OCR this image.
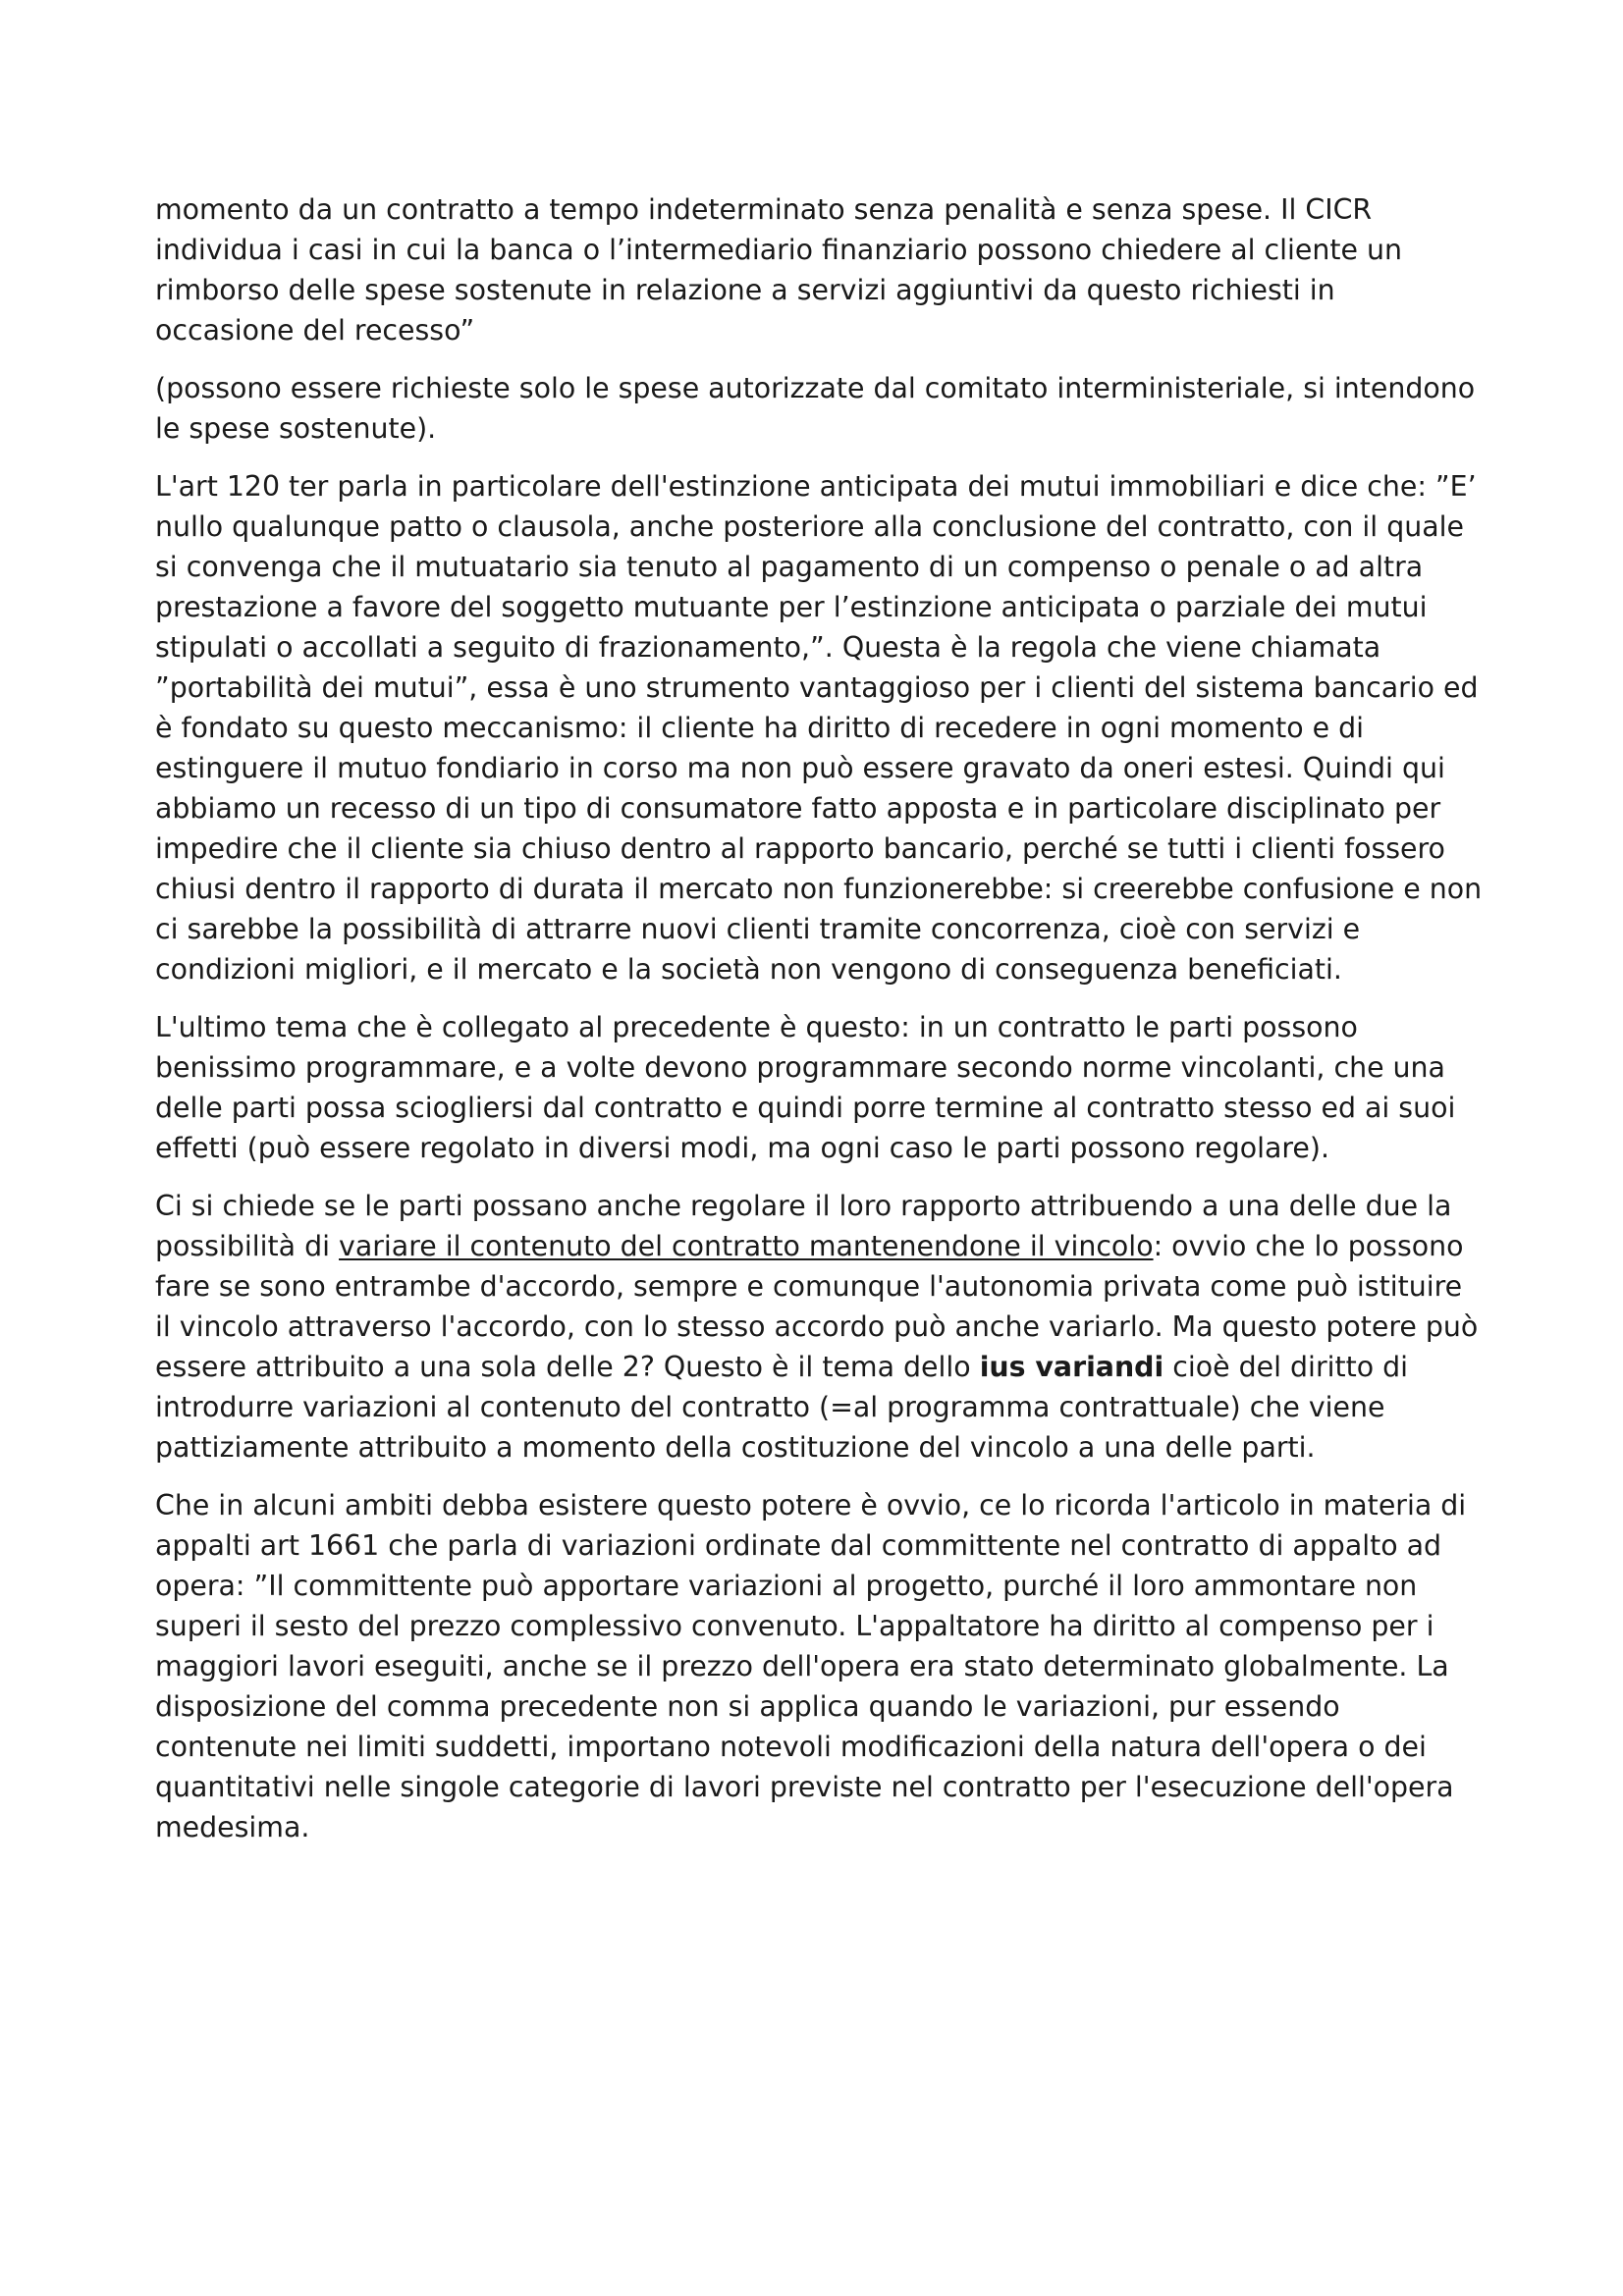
momento da un contratto a tempo indeterminato senza penalità e senza spese. Il CICR individua i casi in cui la banca o l’intermediario finanziario possono chiedere al cliente un rimborso delle spese sostenute in relazione a servizi aggiuntivi da questo richiesti in occasione del recesso”

(possono essere richieste solo le spese autorizzate dal comitato interministeriale, si intendono le spese sostenute).

L'art 120 ter parla in particolare dell'estinzione anticipata dei mutui immobiliari e dice che: ”E’ nullo qualunque patto o clausola, anche posteriore alla conclusione del contratto, con il quale si convenga che il mutuatario sia tenuto al pagamento di un compenso o penale o ad altra prestazione a favore del soggetto mutuante per l’estinzione anticipata o parziale dei mutui stipulati o accollati a seguito di frazionamento,”. Questa è la regola che viene chiamata ”portabilità dei mutui”, essa è uno strumento vantaggioso per i clienti del sistema bancario ed è fondato su questo meccanismo: il cliente ha diritto di recedere in ogni momento e di estinguere il mutuo fondiario in corso ma non può essere gravato da oneri estesi. Quindi qui abbiamo un recesso di un tipo di consumatore fatto apposta e in particolare disciplinato per impedire che il cliente sia chiuso dentro al rapporto bancario, perché se tutti i clienti fossero chiusi dentro il rapporto di durata il mercato non funzionerebbe: si creerebbe confusione e non ci sarebbe la possibilità di attrarre nuovi clienti tramite concorrenza, cioè con servizi e condizioni migliori, e il mercato e la società non vengono di conseguenza beneficiati.

L'ultimo tema che è collegato al precedente è questo: in un contratto le parti possono benissimo programmare, e a volte devono programmare secondo norme vincolanti, che una delle parti possa sciogliersi dal contratto e quindi porre termine al contratto stesso ed ai suoi effetti (può essere regolato in diversi modi, ma ogni caso le parti possono regolare).

Ci si chiede se le parti possano anche regolare il loro rapporto attribuendo a una delle due la possibilità di variare il contenuto del contratto mantenendone il vincolo: ovvio che lo possono fare se sono entrambe d'accordo, sempre e comunque l'autonomia privata come può istituire il vincolo attraverso l'accordo, con lo stesso accordo può anche variarlo. Ma questo potere può essere attribuito a una sola delle 2? Questo è il tema dello ius variandi cioè del diritto di introdurre variazioni al contenuto del contratto (=al programma contrattuale) che viene pattiziamente attribuito a momento della costituzione del vincolo a una delle parti.

Che in alcuni ambiti debba esistere questo potere è ovvio, ce lo ricorda l'articolo in materia di appalti art 1661 che parla di variazioni ordinate dal committente nel contratto di appalto ad opera: ”Il committente può apportare variazioni al progetto, purché il loro ammontare non superi il sesto del prezzo complessivo convenuto. L'appaltatore ha diritto al compenso per i maggiori lavori eseguiti, anche se il prezzo dell'opera era stato determinato globalmente. La disposizione del comma precedente non si applica quando le variazioni, pur essendo contenute nei limiti suddetti, importano notevoli modificazioni della natura dell'opera o dei quantitativi nelle singole categorie di lavori previste nel contratto per l'esecuzione dell'opera medesima.
